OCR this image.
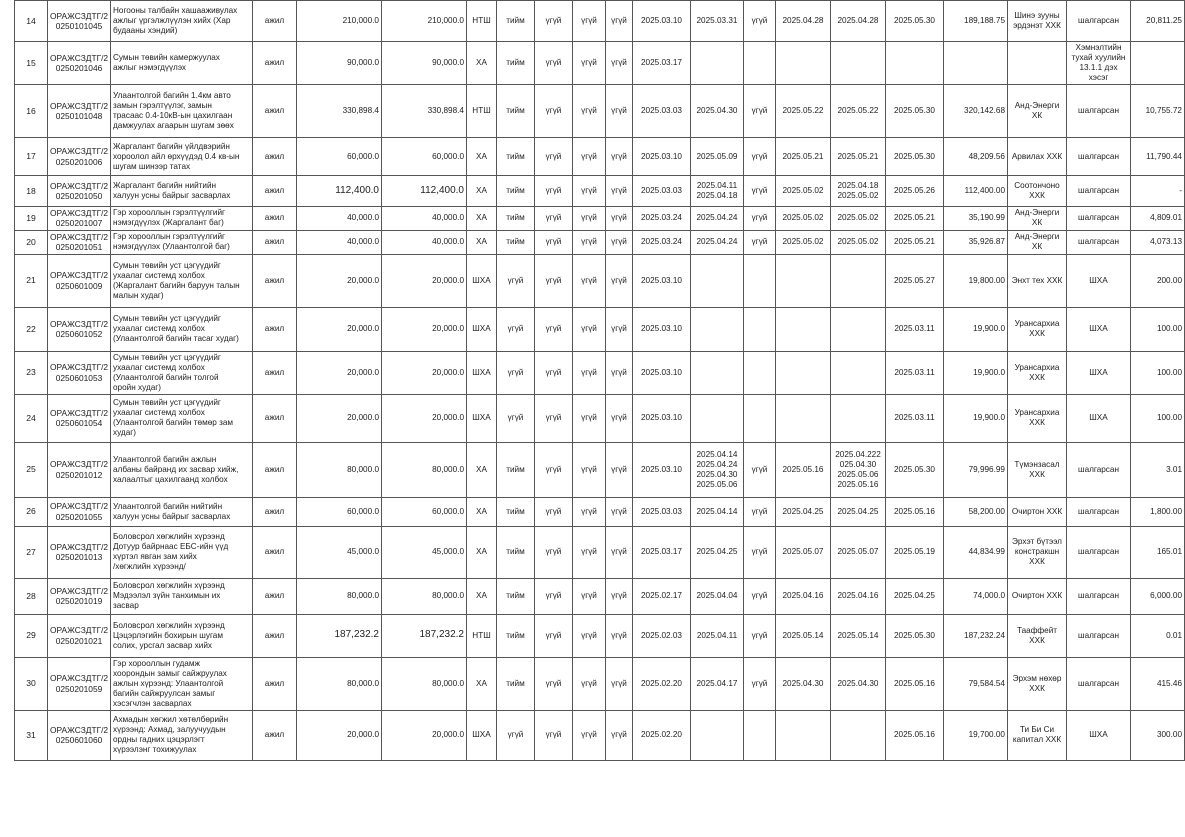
14	ОРАЖСЗДТГ/2
0250101045	Ногооны талбайн хашааживулах
ажлыг үргэлжлүүлэн хийх (Хар
будааны хэндий)	ажил	210,000.0	210,000.0	НТШ	тийм	үгүй	үгүй	үгүй	2025.03.10	2025.03.31	үгүй	2025.04.28	2025.04.28	2025.05.30	189,188.75	Шинэ зууны
эрдэнэт ХХК	шалгарсан	20,811.25
15	ОРАЖСЗДТГ/2
0250201046	Сумын төвийн камержуулах
ажлыг нэмэгдүүлэх	ажил	90,000.0	90,000.0	ХА	тийм	үгүй	үгүй	үгүй	2025.03.17								Хэмнэлтийн
тухай хуулийн
13.1.1 дэх хэсэг	
16	ОРАЖСЗДТГ/2
0250101048	Улаантолгой багийн 1.4км авто
замын гэрэлтүүлэг, замын
трасаас 0.4-10кВ-ын цахилгаан
дамжуулах агаарын шугам зөөх	ажил	330,898.4	330,898.4	НТШ	тийм	үгүй	үгүй	үгүй	2025.03.03	2025.04.30	үгүй	2025.05.22	2025.05.22	2025.05.30	320,142.68	Анд-Энерги ХК	шалгарсан	10,755.72
17	ОРАЖСЗДТГ/2
0250201006	Жаргалант багийн үйлдвэрийн
хороолол айл өрхүүдэд 0.4 кв-ын
шугам шинээр татах	ажил	60,000.0	60,000.0	ХА	тийм	үгүй	үгүй	үгүй	2025.03.10	2025.05.09	үгүй	2025.05.21	2025.05.21	2025.05.30	48,209.56	Арвилах ХХК	шалгарсан	11,790.44
18	ОРАЖСЗДТГ/2
0250201050	Жаргалант багийн нийтийн
халуун усны байрыг засварлах	ажил	112,400.0	112,400.0	ХА	тийм	үгүй	үгүй	үгүй	2025.03.03	2025.04.11
2025.04.18	үгүй	2025.05.02	2025.04.18
2025.05.02	2025.05.26	112,400.00	Соотончоно
ХХК	шалгарсан	-
19	ОРАЖСЗДТГ/2
0250201007	Гэр хорооллын гэрэлтүүлгийг
нэмэгдүүлэх (Жаргалант баг)	ажил	40,000.0	40,000.0	ХА	тийм	үгүй	үгүй	үгүй	2025.03.24	2025.04.24	үгүй	2025.05.02	2025.05.02	2025.05.21	35,190.99	Анд-Энерги ХК	шалгарсан	4,809.01
20	ОРАЖСЗДТГ/2
0250201051	Гэр хорооллын гэрэлтүүлгийг
нэмэгдүүлэх (Улаантолгой баг)	ажил	40,000.0	40,000.0	ХА	тийм	үгүй	үгүй	үгүй	2025.03.24	2025.04.24	үгүй	2025.05.02	2025.05.02	2025.05.21	35,926.87	Анд-Энерги ХК	шалгарсан	4,073.13
21	ОРАЖСЗДТГ/2
0250601009	Сумын төвийн уст цэгүүдийг
ухаалаг системд холбох
(Жаргалант багийн баруун талын
малын худаг)	ажил	20,000.0	20,000.0	ШХА	үгүй	үгүй	үгүй	үгүй	2025.03.10					2025.05.27	19,800.00	Энхт тех ХХК	ШХА	200.00
22	ОРАЖСЗДТГ/2
0250601052	Сумын төвийн уст цэгүүдийг
ухаалаг системд холбох
(Улаантолгой багийн тасаг худаг)	ажил	20,000.0	20,000.0	ШХА	үгүй	үгүй	үгүй	үгүй	2025.03.10					2025.03.11	19,900.0	Урансархиа
ХХК	ШХА	100.00
23	ОРАЖСЗДТГ/2
0250601053	Сумын төвийн уст цэгүүдийг
ухаалаг системд холбох
(Улаантолгой багийн толгой
оройн худаг)	ажил	20,000.0	20,000.0	ШХА	үгүй	үгүй	үгүй	үгүй	2025.03.10					2025.03.11	19,900.0	Урансархиа
ХХК	ШХА	100.00
24	ОРАЖСЗДТГ/2
0250601054	Сумын төвийн уст цэгүүдийг
ухаалаг системд холбох
(Улаантолгой багийн төмөр зам
худаг)	ажил	20,000.0	20,000.0	ШХА	үгүй	үгүй	үгүй	үгүй	2025.03.10					2025.03.11	19,900.0	Урансархиа
ХХК	ШХА	100.00
25	ОРАЖСЗДТГ/2
0250201012	Улаантолгой багийн ажлын
албаны байранд их засвар хийж,
халаалтыг цахилгаанд холбох	ажил	80,000.0	80,000.0	ХА	тийм	үгүй	үгүй	үгүй	2025.03.10	2025.04.14
2025.04.24
2025.04.30
2025.05.06	үгүй	2025.05.16	2025.04.222
025.04.30
2025.05.06
2025.05.16	2025.05.30	79,996.99	Түмэнзасал
ХХК	шалгарсан	3.01
26	ОРАЖСЗДТГ/2
0250201055	Улаантолгой багийн нийтийн
халуун усны байрыг засварлах	ажил	60,000.0	60,000.0	ХА	тийм	үгүй	үгүй	үгүй	2025.03.03	2025.04.14	үгүй	2025.04.25	2025.04.25	2025.05.16	58,200.00	Очиртон ХХК	шалгарсан	1,800.00
27	ОРАЖСЗДТГ/2
0250201013	Боловсрол хөгжлийн хүрээнд
Дотуур байрнаас ЕБС-ийн үүд
хүртэл явган зам хийх
/хөгжлийн хүрээнд/	ажил	45,000.0	45,000.0	ХА	тийм	үгүй	үгүй	үгүй	2025.03.17	2025.04.25	үгүй	2025.05.07	2025.05.07	2025.05.19	44,834.99	Эрхэт бүтээл
констракшн
ХХК	шалгарсан	165.01
28	ОРАЖСЗДТГ/2
0250201019	Боловсрол хөгжлийн хүрээнд
Мэдээлэл зүйн танхимын их
засвар	ажил	80,000.0	80,000.0	ХА	тийм	үгүй	үгүй	үгүй	2025.02.17	2025.04.04	үгүй	2025.04.16	2025.04.16	2025.04.25	74,000.0	Очиртон ХХК	шалгарсан	6,000.00
29	ОРАЖСЗДТГ/2
0250201021	Боловсрол хөгжлийн хүрээнд
Цэцэрлэгийн бохирын шугам
солих, урсгал засвар хийх	ажил	187,232.2	187,232.2	НТШ	тийм	үгүй	үгүй	үгүй	2025.02.03	2025.04.11	үгүй	2025.05.14	2025.05.14	2025.05.30	187,232.24	Тааффейт ХХК	шалгарсан	0.01
30	ОРАЖСЗДТГ/2
0250201059	Гэр хорооллын гудамж
хоорондын замыг сайжруулах
ажлын хүрээнд: Улаантолгой
багийн сайжруулсан замыг
хэсэгчлэн засварлах	ажил	80,000.0	80,000.0	ХА	тийм	үгүй	үгүй	үгүй	2025.02.20	2025.04.17	үгүй	2025.04.30	2025.04.30	2025.05.16	79,584.54	Эрхэм нөхөр
ХХК	шалгарсан	415.46
31	ОРАЖСЗДТГ/2
0250601060	Ахмадын хөгжил хөтөлбөрийн
хүрээнд: Ахмад, залуучуудын
ордны гадних цэцэрлэгт
хүрээлэнг тохижуулах	ажил	20,000.0	20,000.0	ШХА	үгүй	үгүй	үгүй	үгүй	2025.02.20					2025.05.16	19,700.00	Ти Би Си
капитал ХХК	ШХА	300.00
